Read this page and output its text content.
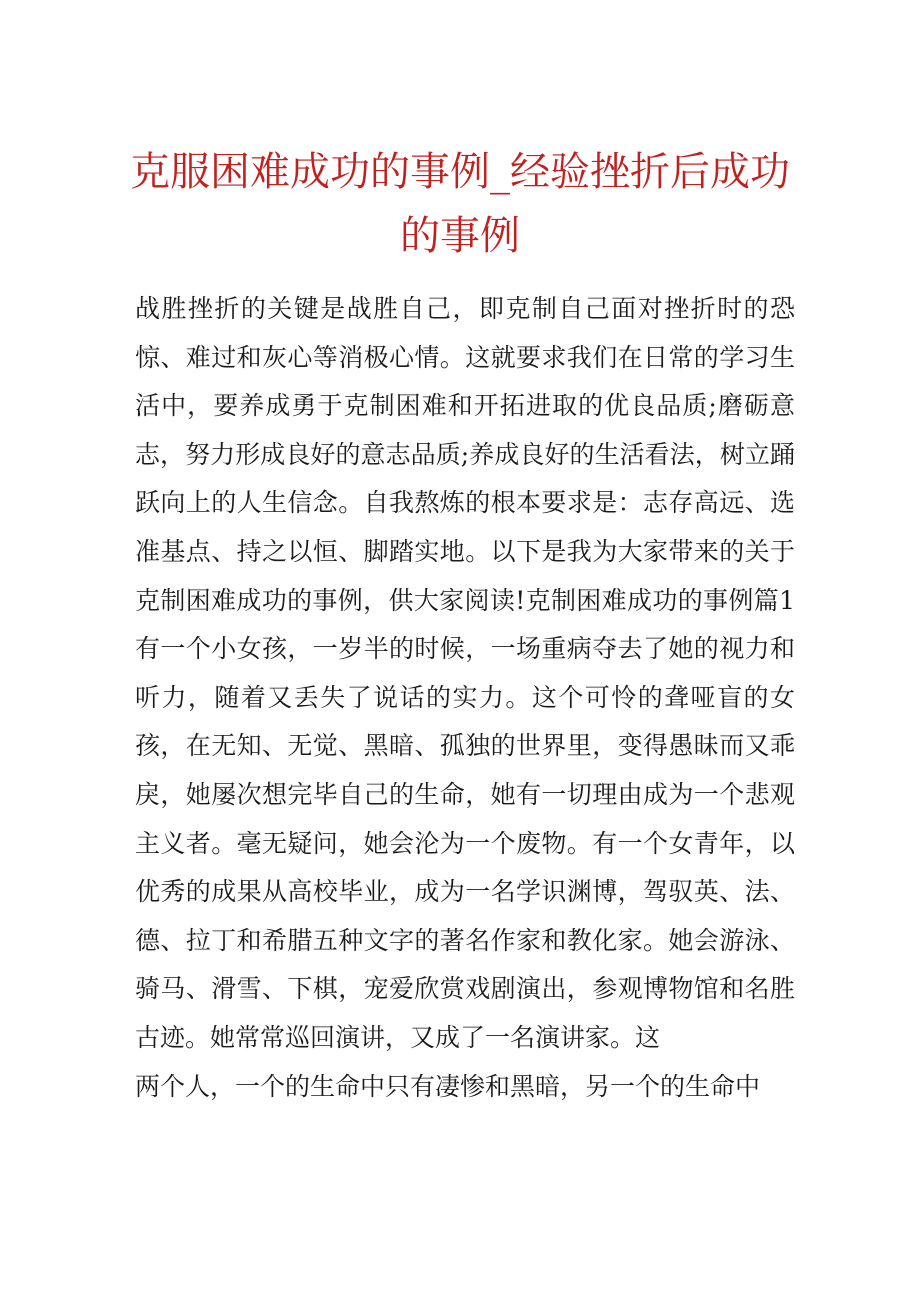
克服困难成功的事例_经验挫折后成功的事例

战胜挫折的关键是战胜自己，即克制自己面对挫折时的恐惊、难过和灰心等消极心情。这就要求我们在日常的学习生活中，要养成勇于克制困难和开拓进取的优良品质;磨砺意志，努力形成良好的意志品质;养成良好的生活看法，树立踊跃向上的人生信念。自我熬炼的根本要求是：志存高远、选准基点、持之以恒、脚踏实地。以下是我为大家带来的关于克制困难成功的事例，供大家阅读!克制困难成功的事例篇1有一个小女孩，一岁半的时候，一场重病夺去了她的视力和听力，随着又丢失了说话的实力。这个可怜的聋哑盲的女孩，在无知、无觉、黑暗、孤独的世界里，变得愚昧而又乖戾，她屡次想完毕自己的生命，她有一切理由成为一个悲观主义者。毫无疑问，她会沦为一个废物。有一个女青年，以优秀的成果从高校毕业，成为一名学识渊博，驾驭英、法、德、拉丁和希腊五种文字的著名作家和教化家。她会游泳、骑马、滑雪、下棋，宠爱欣赏戏剧演出，参观博物馆和名胜古迹。她常常巡回演讲，又成了一名演讲家。这

两个人，一个的生命中只有凄惨和黑暗，另一个的生命中
